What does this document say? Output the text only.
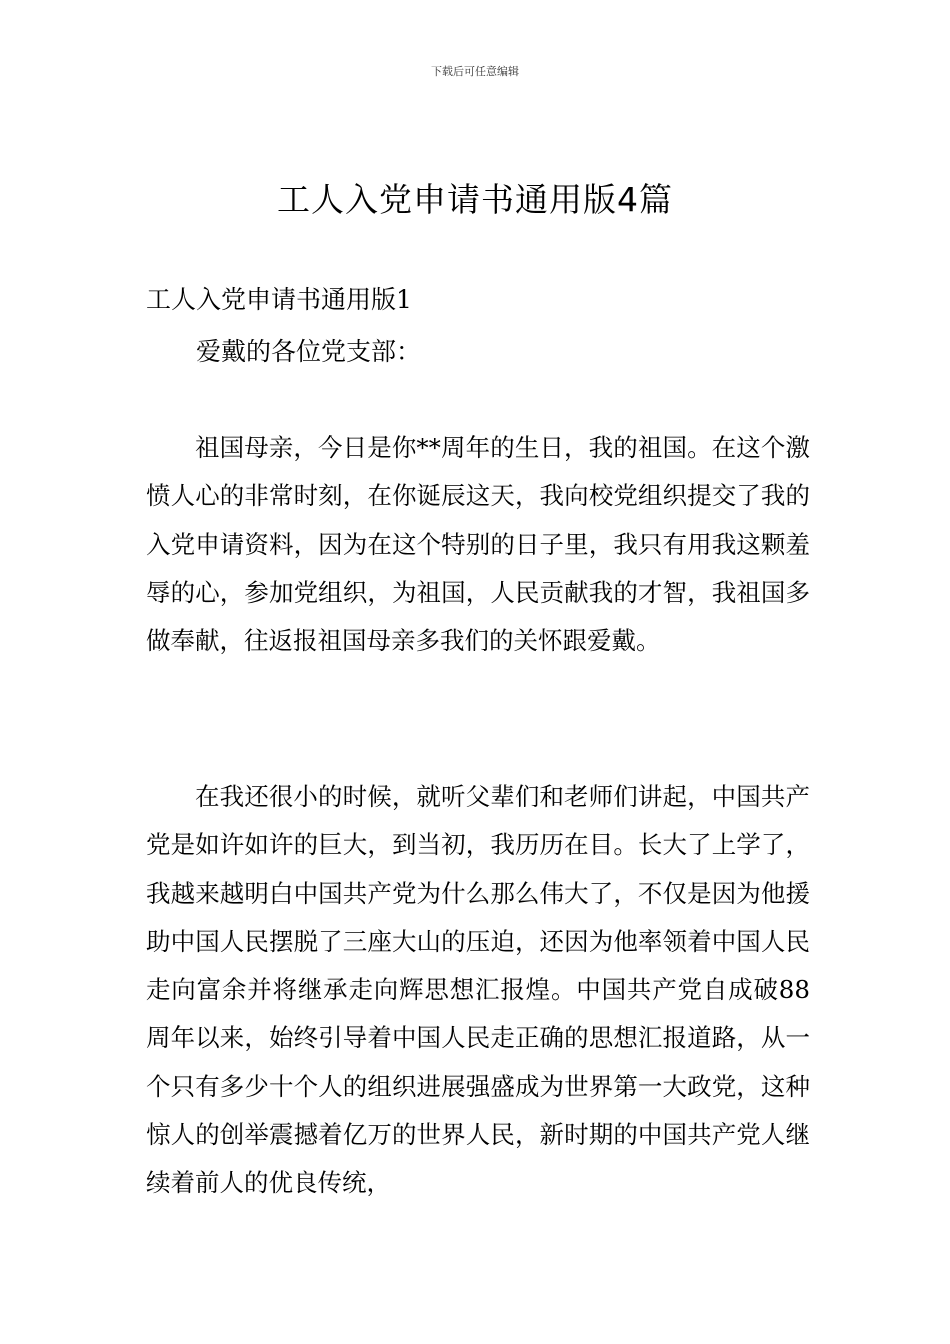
下载后可任意编辑
工人入党申请书通用版4篇
工人入党申请书通用版1

爱戴的各位党支部：

祖国母亲，今日是你**周年的生日，我的祖国。在这个激愤人心的非常时刻，在你诞辰这天，我向校党组织提交了我的入党申请资料，因为在这个特别的日子里，我只有用我这颗羞辱的心，参加党组织，为祖国，人民贡献我的才智，我祖国多做奉献，往返报祖国母亲多我们的关怀跟爱戴。

在我还很小的时候，就听父辈们和老师们讲起，中国共产党是如许如许的巨大，到当初，我历历在目。长大了上学了，我越来越明白中国共产党为什么那么伟大了，不仅是因为他援助中国人民摆脱了三座大山的压迫，还因为他率领着中国人民走向富余并将继承走向辉思想汇报煌。中国共产党自成破88周年以来，始终引导着中国人民走正确的思想汇报道路，从一个只有多少十个人的组织进展强盛成为世界第一大政党，这种惊人的创举震撼着亿万的世界人民，新时期的中国共产党人继续着前人的优良传统，
